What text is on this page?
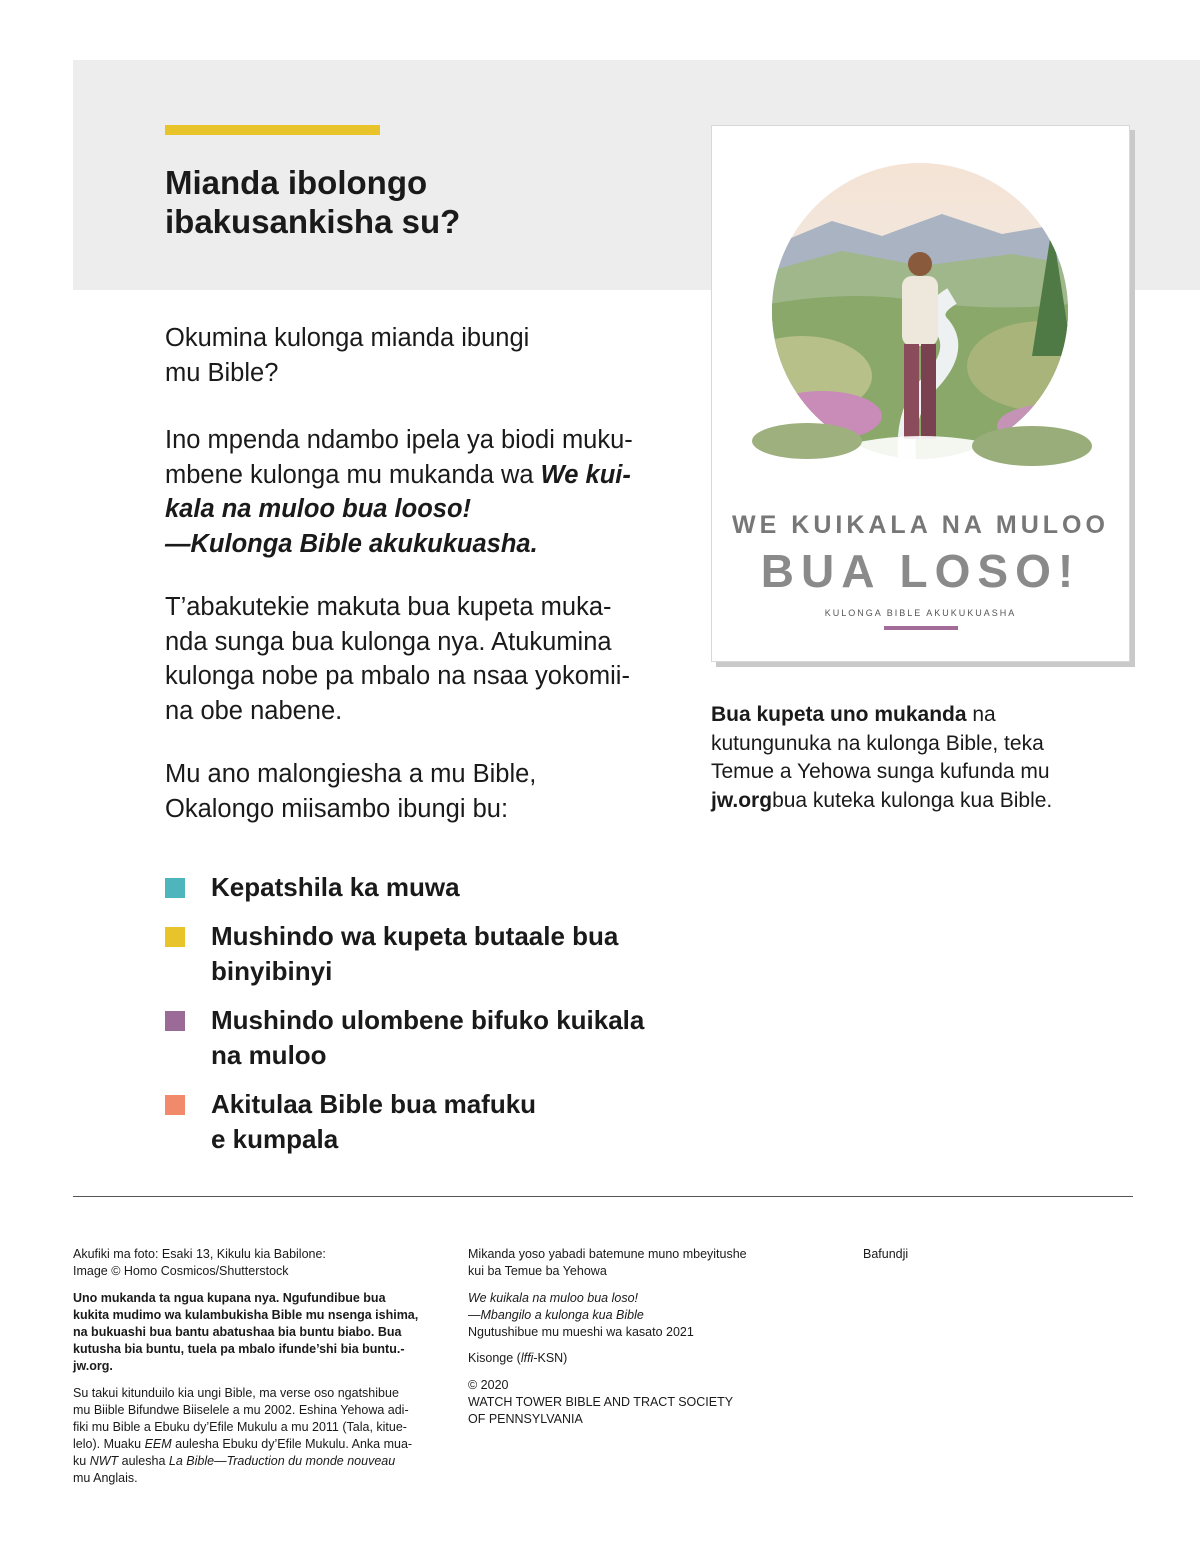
Mianda ibolongo
ibakusankisha su?

Okumina kulonga mianda ibungi
mu Bible?

Ino mpenda ndambo ipela ya biodi muku-
mbene kulonga mu mukanda wa We kui-
kala na muloo bua looso!
—Kulonga Bible akukukuasha.

T’abakutekie makuta bua kupeta muka-
nda sunga bua kulonga nya. Atukumina
kulonga nobe pa mbalo na nsaa yokomii-
na obe nabene.

Mu ano malongiesha a mu Bible,
Okalongo miisambo ibungi bu:

Kepatshila ka muwa

Mushindo wa kupeta butaale bua
binyibinyi
Mushindo ulombene bifuko kuikala
na muloo
Akitulaa Bible bua mafuku
e kumpala

WE KUIKALA NA MULOO

BUA LOSO!

KULONGA BIBLE AKUKUKUASHA

Bua kupeta uno mukanda na
kutungunuka na kulonga Bible, teka
Temue a Yehowa sunga kufunda mu
jw.orgbua kuteka kulonga kua Bible.

Akufiki ma foto: Esaki 13, Kikulu kia Babilone:
Image © Homo Cosmicos/Shutterstock

Uno mukanda ta ngua kupana nya. Ngufundibue bua
kukita mudimo wa kulambukisha Bible mu nsenga ishima,
na bukuashi bua bantu abatushaa bia buntu biabo. Bua
kutusha bia buntu, tuela pa mbalo ifunde’shi bia buntu.-
jw.org.

Su takui kitunduilo kia ungi Bible, ma verse oso ngatshibue
mu Biible Bifundwe Biiselele a mu 2002. Eshina Yehowa adi-
fiki mu Bible a Ebuku dy’Efile Mukulu a mu 2011 (Tala, kitue-
lelo). Muaku EEM aulesha Ebuku dy’Efile Mukulu. Anka mua-
ku NWT aulesha La Bible—Traduction du monde nouveau
mu Anglais.

Mikanda yoso yabadi batemune muno mbeyitushe
kui ba Temue ba Yehowa

We kuikala na muloo bua loso!
—Mbangilo a kulonga kua Bible
Ngutushibue mu mueshi wa kasato 2021

Kisonge (lffi-KSN)

© 2020
WATCH TOWER BIBLE AND TRACT SOCIETY
OF PENNSYLVANIA

Bafundji
